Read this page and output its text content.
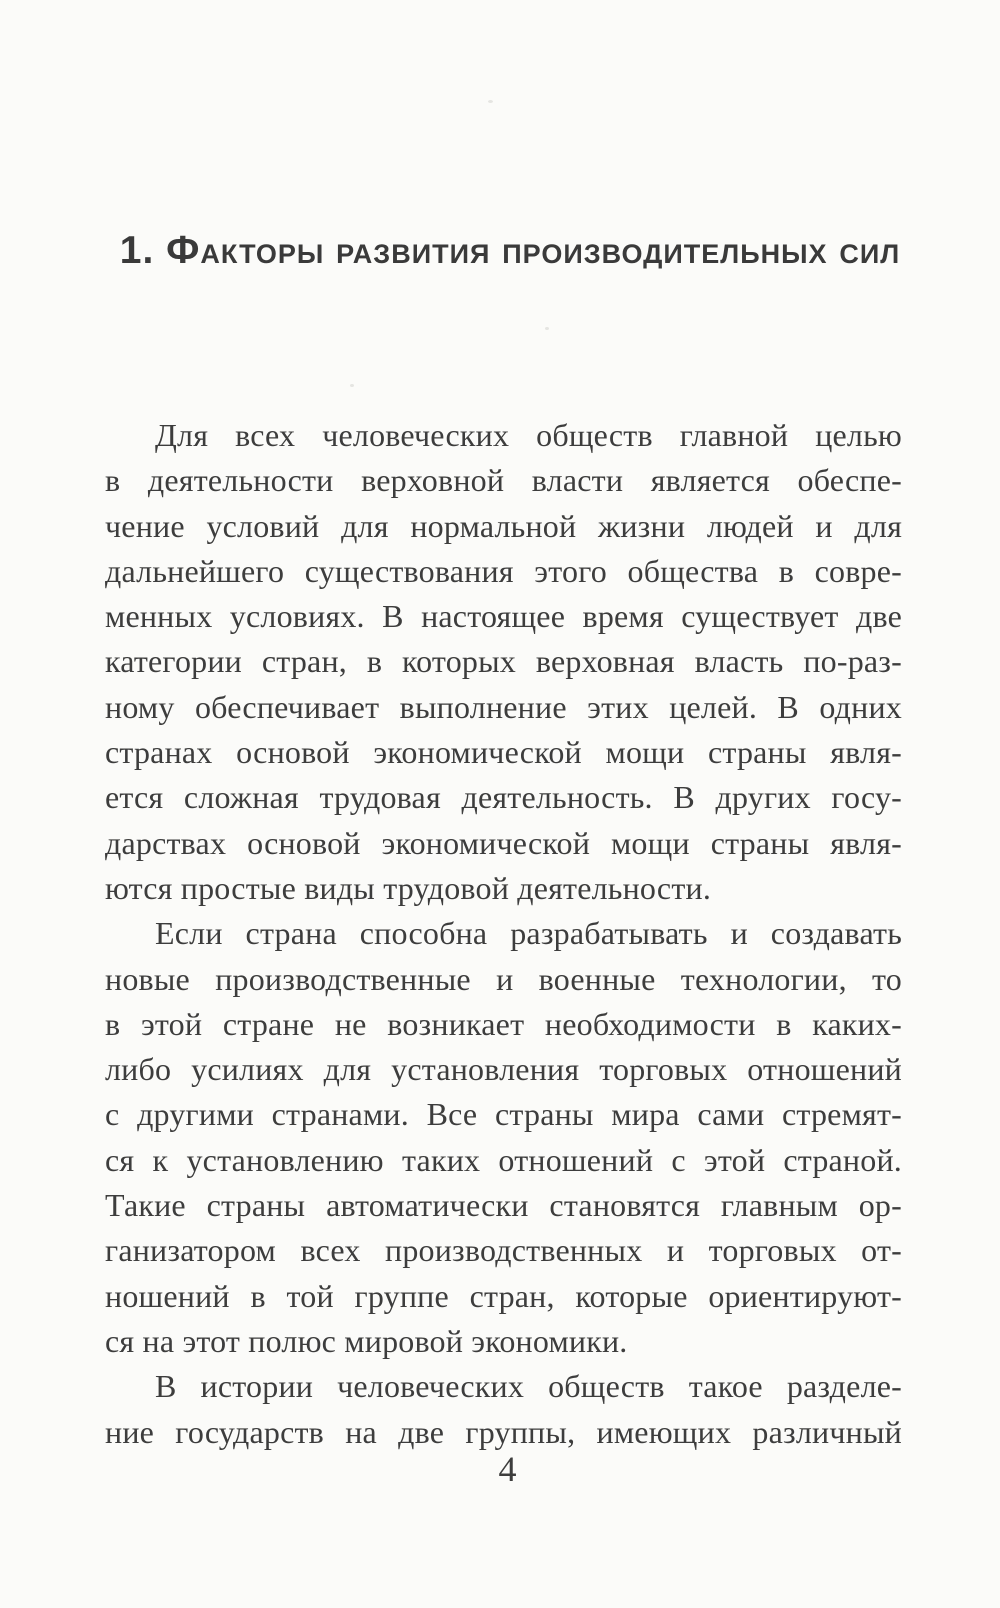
1. Факторы развития производительных сил
Для всех человеческих обществ главной целью
в деятельности верховной власти является обеспе-
чение условий для нормальной жизни людей и для
дальнейшего существования этого общества в совре-
менных условиях. В настоящее время существует две
категории стран, в которых верховная власть по-раз-
ному обеспечивает выполнение этих целей. В одних
странах основой экономической мощи страны явля-
ется сложная трудовая деятельность. В других госу-
дарствах основой экономической мощи страны явля-
ются простые виды трудовой деятельности.
Если страна способна разрабатывать и создавать
новые производственные и военные технологии, то
в этой стране не возникает необходимости в каких-
либо усилиях для установления торговых отношений
с другими странами. Все страны мира сами стремят-
ся к установлению таких отношений с этой страной.
Такие страны автоматически становятся главным ор-
ганизатором всех производственных и торговых от-
ношений в той группе стран, которые ориентируют-
ся на этот полюс мировой экономики.
В истории человеческих обществ такое разделе-
ние государств на две группы, имеющих различный
4
